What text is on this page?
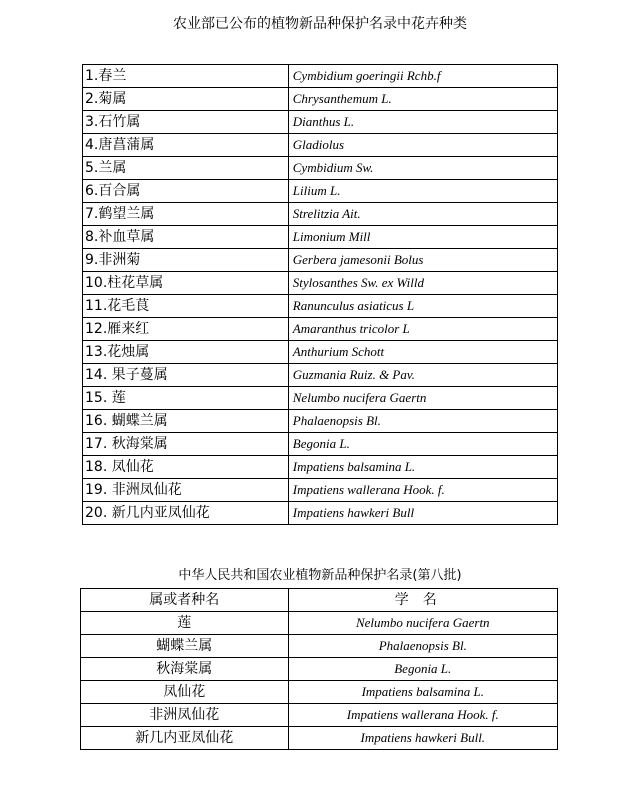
农业部已公布的植物新品种保护名录中花卉种类
1.春兰	Cymbidium goeringii Rchb.f
2.菊属	Chrysanthemum L.
3.石竹属	Dianthus L.
4.唐菖蒲属	Gladiolus
5.兰属	Cymbidium Sw.
6.百合属	Lilium L.
7.鹤望兰属	Strelitzia Ait.
8.补血草属	Limonium Mill
9.非洲菊	Gerbera jamesonii Bolus
10.柱花草属	Stylosanthes Sw. ex Willd
11.花毛茛	Ranunculus asiaticus L
12.雁来红	Amaranthus tricolor L
13.花烛属	Anthurium Schott
14. 果子蔓属	Guzmania Ruiz. & Pav.
15. 莲	Nelumbo nucifera Gaertn
16. 蝴蝶兰属	Phalaenopsis Bl.
17. 秋海棠属	Begonia L.
18. 凤仙花	Impatiens balsamina L.
19. 非洲凤仙花	Impatiens wallerana Hook. f.
20. 新几内亚凤仙花	Impatiens hawkeri Bull
中华人民共和国农业植物新品种保护名录(第八批)
属或者种名	学名
莲	Nelumbo nucifera Gaertn
蝴蝶兰属	Phalaenopsis Bl.
秋海棠属	Begonia L.
凤仙花	Impatiens balsamina L.
非洲凤仙花	Impatiens wallerana Hook. f.
新几内亚凤仙花	Impatiens hawkeri Bull.
